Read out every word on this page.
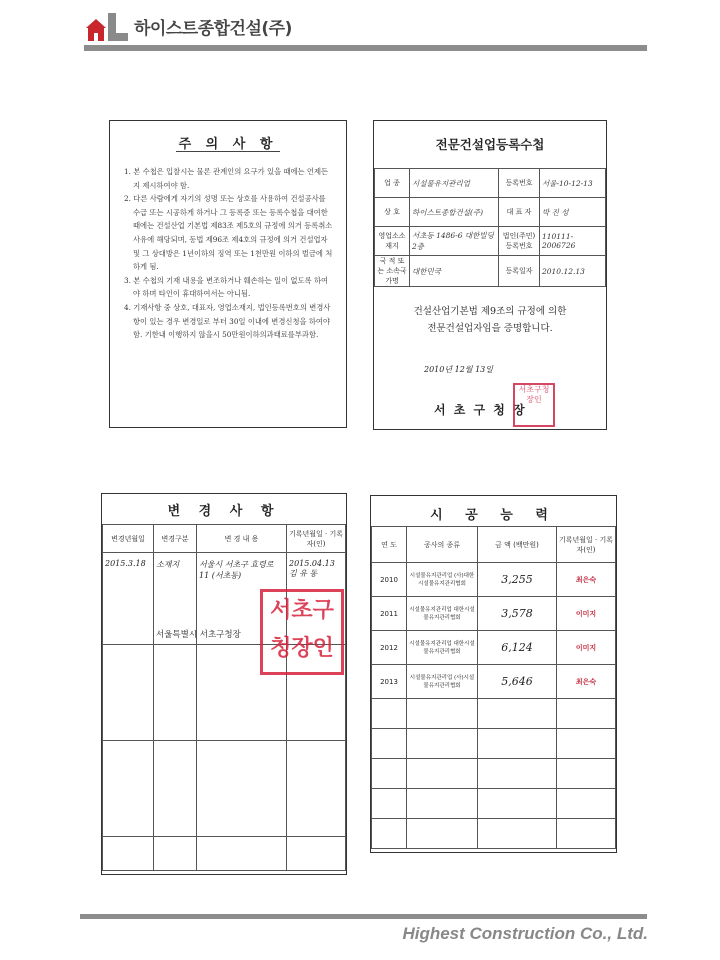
하이스트종합건설(주)
주 의 사 항

1. 본 수첩은 입찰시는 물론 관계인의 요구가 있을 때에는 언제든지 제시하여야 함.

2. 다른 사람에게 자기의 성명 또는 상호를 사용하여 건설공사를 수급 또는 시공하게 하거나 그 등록증 또는 등록수첩을 대여한 때에는 건설산업 기본법 제83조 제5호의 규정에 의거 등록취소 사유에 해당되며, 동법 제96조 제4호의 규정에 의거 건설업자 및 그 상대방은 1년이하의 징역 또는 1천만원 이하의 벌금에 처하게 됨.

3. 본 수첩의 기재 내용을 변조하거나 훼손하는 일이 없도록 하여야 하며 타인이 휴대하여서는 아니됨.

4. 기재사항 중 상호, 대표자, 영업소재지, 법인등록번호의 변경사항이 있는 경우 변경일로 부터 30일 이내에 변경신청을 하여야 함. 기한내 이행하지 않을시 50만원이하의과태료를부과함.

전문건설업등록수첩
업 종	시설물유지관리업	등록번호	서울-10-12-13
상 호	하이스트종합건설(주)	대 표 자	박 진 성
영업소소재지	서초동 1486-6 대한빌딩 2층	법인(주민) 등록번호	110111-2006726
국 적 또는 소속국가명	대한민국	등록일자	2010.12.13
건설산업기본법 제9조의 규정에 의한
전문건설업자임을 증명합니다.
2010년 12월 13일
서 초 구 청 장
서초구청장인
변 경 사 항
변경년월일	변경구분	변 경 내 용	기록년월일 · 기록자(인)
2015.3.18	소재지	서울시 서초구 효령로 11 (서초동)	2015.04.13 김 유 동

서초구청장인
서울특별시 서초구청장
시 공 능 력
연 도	공사의 종류	금 액 (백만원)	기록년월일 · 기록자(인)
2010	시설물유지관리업 (사)대한시설물유지관리협회	3,255	최은숙
2011	시설물유지관리업 대한시설물유지관리협회	3,578	이미지
2012	시설물유지관리업 대한시설물유지관리협회	6,124	이미지
2013	시설물유지관리업 (사)시설물유지관리협회	5,646	최은숙

Highest Construction Co., Ltd.
